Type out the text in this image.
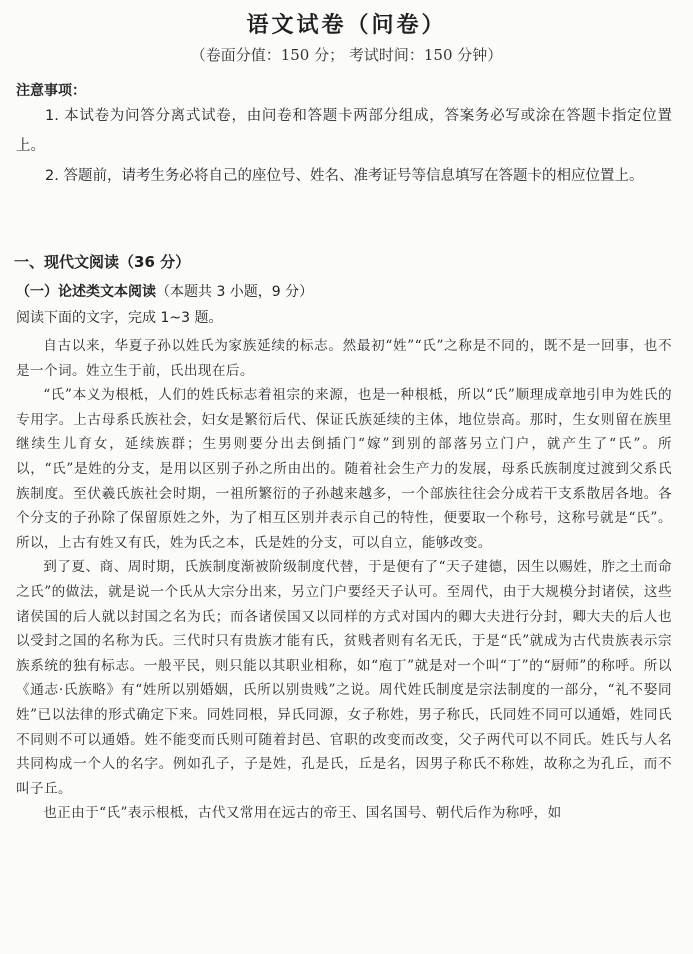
语文试卷（问卷）
（卷面分值：150 分； 考试时间：150 分钟）
注意事项：
1. 本试卷为问答分离式试卷，由问卷和答题卡两部分组成，答案务必写或涂在答题卡指定位置上。
2. 答题前，请考生务必将自己的座位号、姓名、准考证号等信息填写在答题卡的相应位置上。
一、现代文阅读（36 分）
（一）论述类文本阅读（本题共 3 小题，9 分）
阅读下面的文字，完成 1~3 题。

自古以来，华夏子孙以姓氏为家族延续的标志。然最初“姓”“氏”之称是不同的，既不是一回事，也不是一个词。姓立生于前，氏出现在后。

“氏”本义为根柢，人们的姓氏标志着祖宗的来源，也是一种根柢，所以“氏”顺理成章地引申为姓氏的专用字。上古母系氏族社会，妇女是繁衍后代、保证氏族延续的主体，地位崇高。那时，生女则留在族里继续生儿育女，延续族群；生男则要分出去倒插门“嫁”到别的部落另立门户，就产生了“氏”。所以，“氏”是姓的分支，是用以区别子孙之所由出的。随着社会生产力的发展，母系氏族制度过渡到父系氏族制度。至伏羲氏族社会时期，一祖所繁衍的子孙越来越多，一个部族往往会分成若干支系散居各地。各个分支的子孙除了保留原姓之外，为了相互区别并表示自己的特性，便要取一个称号，这称号就是“氏”。所以，上古有姓又有氏，姓为氏之本，氏是姓的分支，可以自立，能够改变。

到了夏、商、周时期，氏族制度渐被阶级制度代替，于是便有了“天子建德，因生以赐姓，胙之土而命之氏”的做法，就是说一个氏从大宗分出来，另立门户要经天子认可。至周代，由于大规模分封诸侯，这些诸侯国的后人就以封国之名为氏；而各诸侯国又以同样的方式对国内的卿大夫进行分封，卿大夫的后人也以受封之国的名称为氏。三代时只有贵族才能有氏，贫贱者则有名无氏，于是“氏”就成为古代贵族表示宗族系统的独有标志。一般平民，则只能以其职业相称，如“庖丁”就是对一个叫“丁”的“厨师”的称呼。所以《通志·氏族略》有“姓所以别婚姻，氏所以别贵贱”之说。周代姓氏制度是宗法制度的一部分，“礼不娶同姓”已以法律的形式确定下来。同姓同根，异氏同源，女子称姓，男子称氏，氏同姓不同可以通婚，姓同氏不同则不可以通婚。姓不能变而氏则可随着封邑、官职的改变而改变，父子两代可以不同氏。姓氏与人名共同构成一个人的名字。例如孔子，子是姓，孔是氏，丘是名，因男子称氏不称姓，故称之为孔丘，而不叫子丘。

也正由于“氏”表示根柢，古代又常用在远古的帝王、国名国号、朝代后作为称呼，如
